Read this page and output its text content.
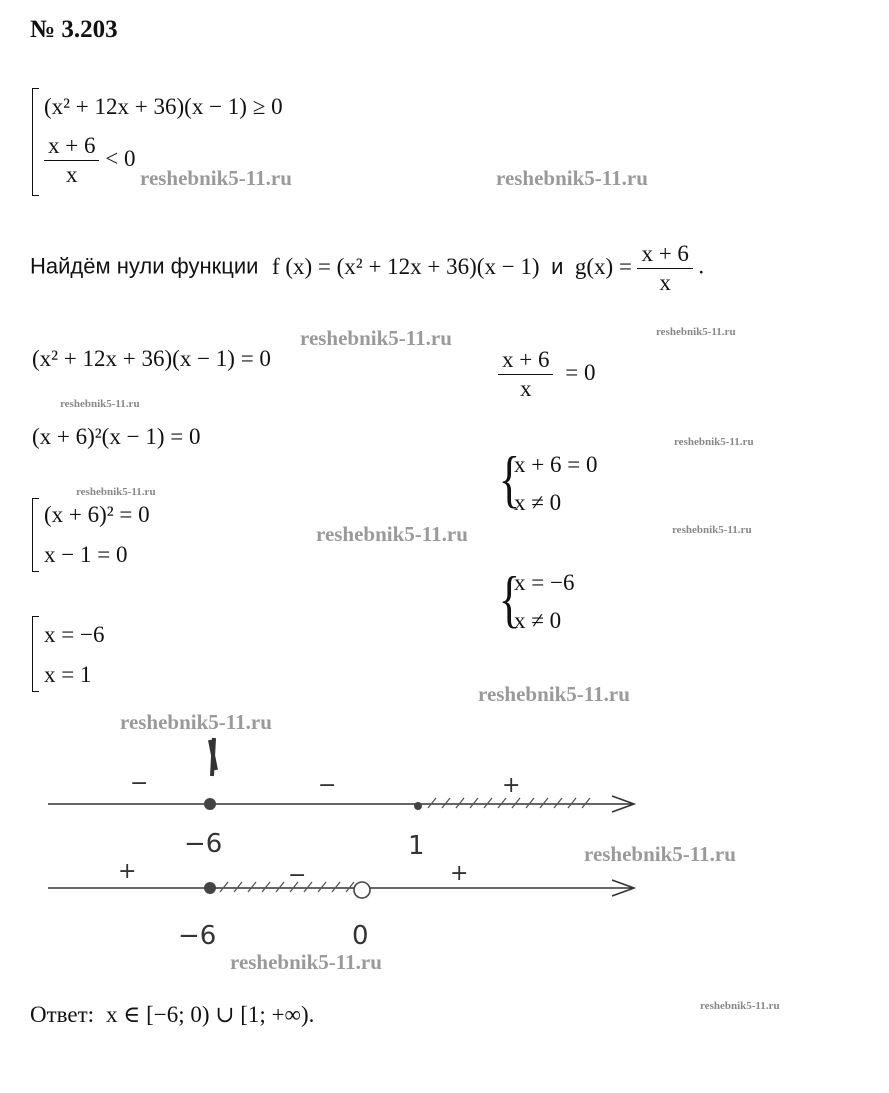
№ 3.203
(x² + 12x + 36)(x − 1) ≥ 0
$\frac{x + 6}{x} < 0$
Найдём нули функции f (x) = (x² + 12x + 36)(x − 1) и $g(x) = \frac{x + 6}{x}$ .
(x² + 12x + 36)(x − 1) = 0
(x + 6)²(x − 1) = 0
(x + 6)² = 0
x − 1 = 0
x = −6
x = 1
$\frac{x + 6}{x} = 0$
{
x + 6 = 0
x ≠ 0
{
x = −6
x ≠ 0
−	−	+
−6	1
+	−	+
−6	0
Ответ: x ∈ [−6; 0) ∪ [1; +∞).
reshebnik5-11.ru	reshebnik5-11.ru
reshebnik5-11.ru	reshebnik5-11.ru
reshebnik5-11.ru
reshebnik5-11.ru
reshebnik5-11.ru
reshebnik5-11.ru	reshebnik5-11.ru
reshebnik5-11.ru
reshebnik5-11.ru
reshebnik5-11.ru
reshebnik5-11.ru
reshebnik5-11.ru
